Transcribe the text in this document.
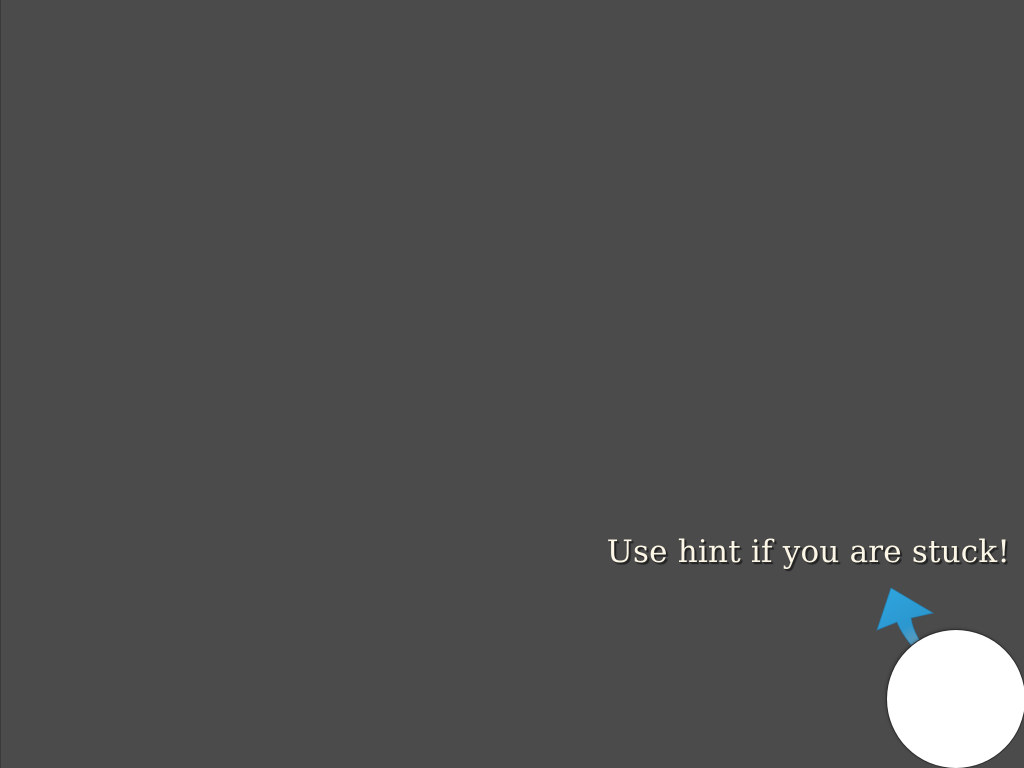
Use hint if you are stuck!
